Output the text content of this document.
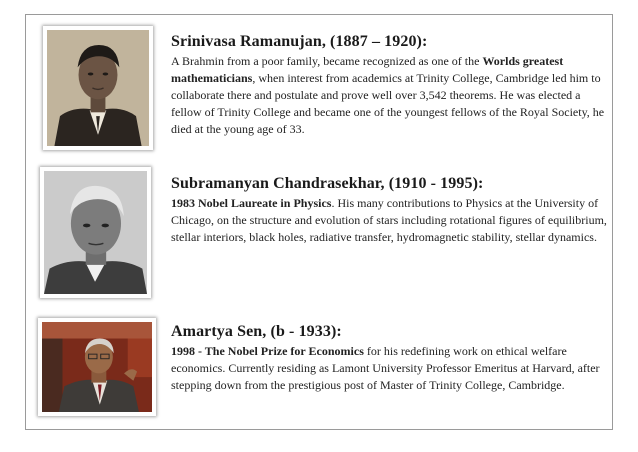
Srinivasa Ramanujan, (1887 – 1920):

A Brahmin from a poor family, became recognized as one of the Worlds greatest mathematicians, when interest from academics at Trinity College, Cambridge led him to collaborate there and postulate and prove well over 3,542 theorems. He was elected a fellow of Trinity College and became one of the youngest fellows of the Royal Society, he died at the young age of 33.

Subramanyan Chandrasekhar, (1910 - 1995):

1983 Nobel Laureate in Physics. His many contributions to Physics at the University of Chicago, on the structure and evolution of stars including rotational figures of equilibrium, stellar interiors, black holes, radiative transfer, hydromagnetic stability, stellar dynamics.

Amartya Sen, (b - 1933):

1998 - The Nobel Prize for Economics for his redefining work on ethical welfare economics. Currently residing as Lamont University Professor Emeritus at Harvard, after stepping down from the prestigious post of Master of Trinity College, Cambridge.
